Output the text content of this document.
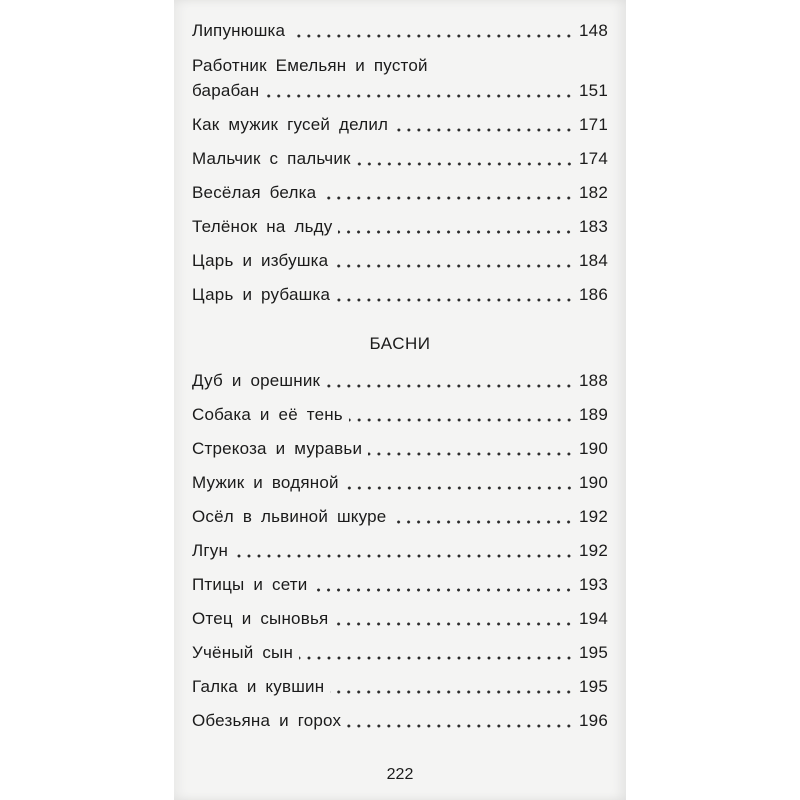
Липунюшка	148
Работник Емельян и пустой
барабан	151
Как мужик гусей делил	171
Мальчик с пальчик	174
Весёлая белка	182
Телёнок на льду	183
Царь и избушка	184
Царь и рубашка	186
БАСНИ
Дуб и орешник	188
Собака и её тень	189
Стрекоза и муравьи	190
Мужик и водяной	190
Осёл в львиной шкуре	192
Лгун	192
Птицы и сети	193
Отец и сыновья	194
Учёный сын	195
Галка и кувшин	195
Обезьяна и горох	196
222
